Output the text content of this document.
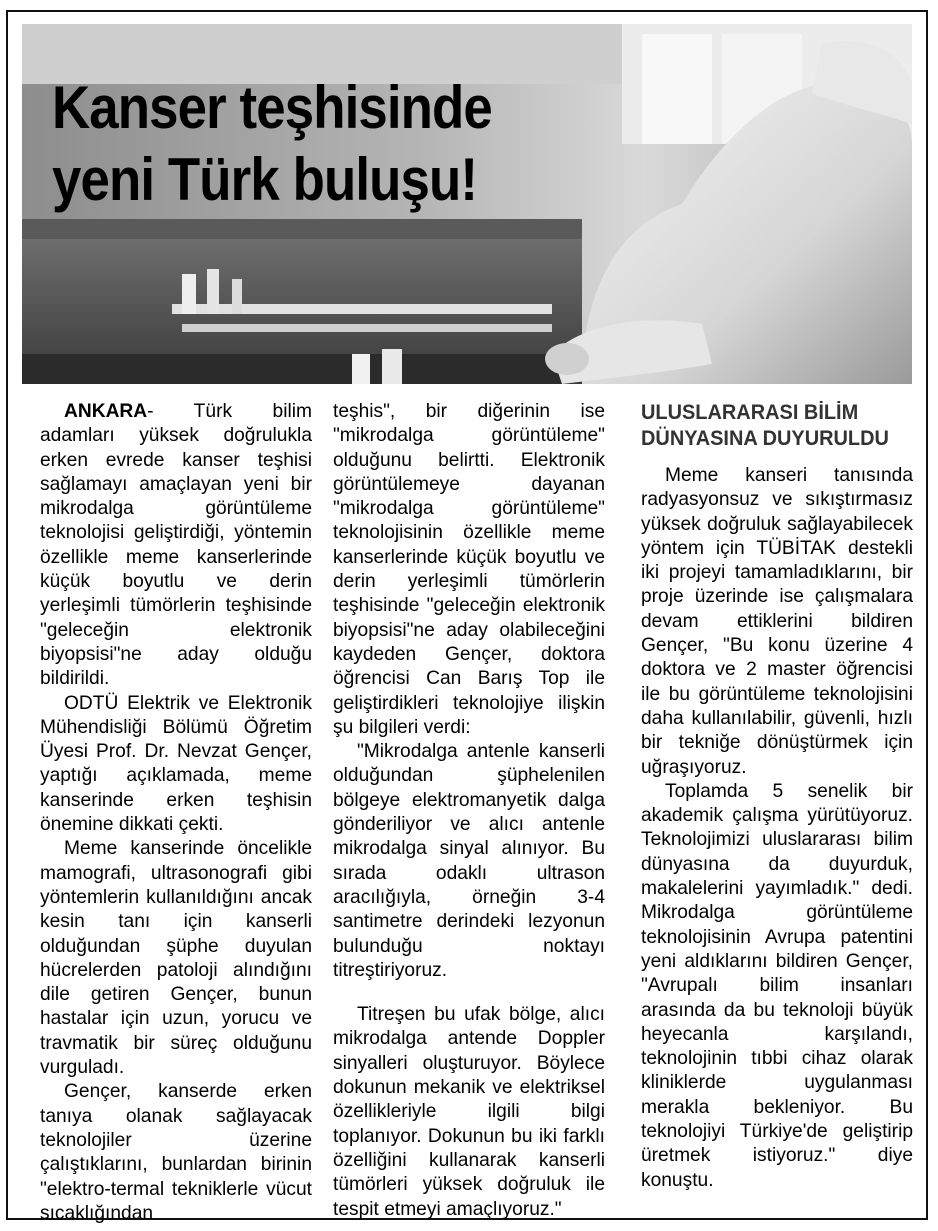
Kanser teşhisinde
yeni Türk buluşu!

ANKARA- Türk bilim adamları yüksek doğrulukla erken evrede kanser teşhisi sağlamayı amaçlayan yeni bir mikrodalga görüntüleme teknolojisi geliştirdiği, yöntemin özellikle meme kanserlerinde küçük boyutlu ve derin yerleşimli tümörlerin teşhisinde "geleceğin elektronik biyopsisi"ne aday olduğu bildirildi.

ODTÜ Elektrik ve Elektronik Mühendisliği Bölümü Öğretim Üyesi Prof. Dr. Nevzat Gençer, yaptığı açıklamada, meme kanserinde erken teşhisin önemine dikkati çekti.

Meme kanserinde öncelikle mamografi, ultrasonografi gibi yöntemlerin kullanıldığını ancak kesin tanı için kanserli olduğundan şüphe duyulan hücrelerden patoloji alındığını dile getiren Gençer, bunun hastalar için uzun, yorucu ve travmatik bir süreç olduğunu vurguladı.

Gençer, kanserde erken tanıya olanak sağlayacak teknolojiler üzerine çalıştıklarını, bunlardan birinin "elektro-termal tekniklerle vücut sıcaklığından

teşhis", bir diğerinin ise "mikrodalga görüntüleme" olduğunu belirtti. Elektronik görüntülemeye dayanan "mikrodalga görüntüleme" teknolojisinin özellikle meme kanserlerinde küçük boyutlu ve derin yerleşimli tümörlerin teşhisinde "geleceğin elektronik biyopsisi"ne aday olabileceğini kaydeden Gençer, doktora öğrencisi Can Barış Top ile geliştirdikleri teknolojiye ilişkin şu bilgileri verdi:

"Mikrodalga antenle kanserli olduğundan şüphelenilen bölgeye elektromanyetik dalga gönderiliyor ve alıcı antenle mikrodalga sinyal alınıyor. Bu sırada odaklı ultrason aracılığıyla, örneğin 3-4 santimetre derindeki lezyonun bulunduğu noktayı titreştiriyoruz.

Titreşen bu ufak bölge, alıcı mikrodalga antende Doppler sinyalleri oluşturuyor. Böylece dokunun mekanik ve elektriksel özellikleriyle ilgili bilgi toplanıyor. Dokunun bu iki farklı özelliğini kullanarak kanserli tümörleri yüksek doğruluk ile tespit etmeyi amaçlıyoruz."

ULUSLARARASI BİLİM
DÜNYASINA DUYURULDU

Meme kanseri tanısında radyasyonsuz ve sıkıştırmasız yüksek doğruluk sağlayabilecek yöntem için TÜBİTAK destekli iki projeyi tamamladıklarını, bir proje üzerinde ise çalışmalara devam ettiklerini bildiren Gençer, "Bu konu üzerine 4 doktora ve 2 master öğrencisi ile bu görüntüleme teknolojisini daha kullanılabilir, güvenli, hızlı bir tekniğe dönüştürmek için uğraşıyoruz.

Toplamda 5 senelik bir akademik çalışma yürütüyoruz. Teknolojimizi uluslararası bilim dünyasına da duyurduk, makalelerini yayımladık." dedi. Mikrodalga görüntüleme teknolojisinin Avrupa patentini yeni aldıklarını bildiren Gençer, "Avrupalı bilim insanları arasında da bu teknoloji büyük heyecanla karşılandı, teknolojinin tıbbi cihaz olarak kliniklerde uygulanması merakla bekleniyor. Bu teknolojiyi Türkiye'de geliştirip üretmek istiyoruz." diye konuştu.
